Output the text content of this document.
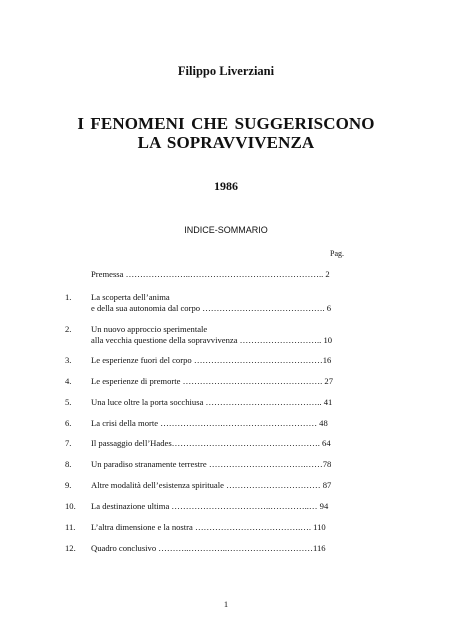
Filippo Liverziani
I FENOMENI CHE SUGGERISCONO
LA SOPRAVVIVENZA
1986
INDICE-SOMMARIO
Pag.
Premessa …………………..……………………………………….. 2
1.	La scoperta dell’anima
e della sua autonomia dal corpo ……………………………………. 6
2.	Un nuovo approccio sperimentale
alla vecchia questione della sopravvivenza ……………………….. 10
3.	Le esperienze fuori del corpo ………………………………………16
4.	Le esperienze di premorte …………………………………………. 27
5.	Una luce oltre la porta socchiusa ………………………………….. 41
6.	La crisi della morte ………………….…………………………… 48
7.	Il passaggio dell’Hades……………………………………………. 64
8.	Un paradiso stranamente terrestre …………………………….……78
9.	Altre modalità dell’esistenza spirituale …………………………… 87
10.	La destinazione ultima ……………………………..…………..… 94
11.	L’altra dimensione e la nostra ……………………………….…. 110
12.	Quadro conclusivo ………..…………..…………………………116
1
